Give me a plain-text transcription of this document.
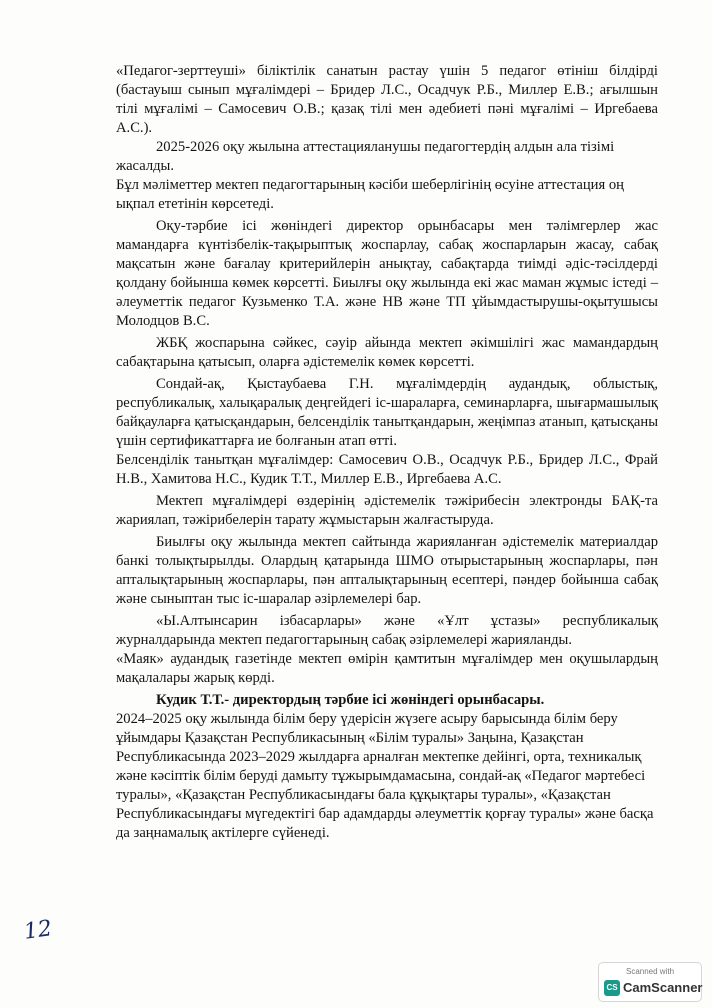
«Педагог-зерттеуші» біліктілік санатын растау үшін 5 педагог өтініш білдірді (бастауыш сынып мұғалімдері – Бридер Л.С., Осадчук Р.Б., Миллер Е.В.; ағылшын тілі мұғалімі – Самосевич О.В.; қазақ тілі мен әдебиеті пәні мұғалімі – Иргебаева А.С.).

2025-2026 оқу жылына аттестацияланушы педагогтердің алдын ала тізімі жасалды.

Бұл мәліметтер мектеп педагогтарының кәсіби шеберлігінің өсуіне аттестация оң ықпал ететінін көрсетеді.

Оқу-тәрбие ісі жөніндегі директор орынбасары мен тәлімгерлер жас мамандарға күнтізбелік-тақырыптық жоспарлау, сабақ жоспарларын жасау, сабақ мақсатын және бағалау критерийлерін анықтау, сабақтарда тиімді әдіс-тәсілдерді қолдану бойынша көмек көрсетті. Биылғы оқу жылында екі жас маман жұмыс істеді – әлеуметтік педагог Кузьменко Т.А. және НВ және ТП ұйымдастырушы-оқытушысы Молодцов В.С.

ЖБҚ жоспарына сәйкес, сәуір айында мектеп әкімшілігі жас мамандардың сабақтарына қатысып, оларға әдістемелік көмек көрсетті.

Сондай-ақ, Қыстаубаева Г.Н. мұғалімдердің аудандық, облыстық, республикалық, халықаралық деңгейдегі іс-шараларға, семинарларға, шығармашылық байқауларға қатысқандарын, белсенділік танытқандарын, жеңімпаз атанып, қатысқаны үшін сертификаттарға ие болғанын атап өтті.

Белсенділік танытқан мұғалімдер: Самосевич О.В., Осадчук Р.Б., Бридер Л.С., Фрай Н.В., Хамитова Н.С., Кудик Т.Т., Миллер Е.В., Иргебаева А.С.

Мектеп мұғалімдері өздерінің әдістемелік тәжірибесін электронды БАҚ-та жариялап, тәжірибелерін тарату жұмыстарын жалғастыруда.

Биылғы оқу жылында мектеп сайтында жарияланған әдістемелік материалдар банкі толықтырылды. Олардың қатарында ШМО отырыстарының жоспарлары, пән апталықтарының жоспарлары, пән апталықтарының есептері, пәндер бойынша сабақ және сыныптан тыс іс-шаралар әзірлемелері бар.

«Ы.Алтынсарин ізбасарлары» және «Ұлт ұстазы» республикалық журналдарында мектеп педагогтарының сабақ әзірлемелері жарияланды.

«Маяк» аудандық газетінде мектеп өмірін қамтитын мұғалімдер мен оқушылардың мақалалары жарық көрді.

Кудик Т.Т.- директордың тәрбие ісі жөніндегі орынбасары.

2024–2025 оқу жылында білім беру үдерісін жүзеге асыру барысында білім беру ұйымдары Қазақстан Республикасының «Білім туралы» Заңына, Қазақстан Республикасында 2023–2029 жылдарға арналған мектепке дейінгі, орта, техникалық және кәсіптік білім беруді дамыту тұжырымдамасына, сондай-ақ «Педагог мәртебесі туралы», «Қазақстан Республикасындағы бала құқықтары туралы», «Қазақстан Республикасындағы мүгедектігі бар адамдарды әлеуметтік қорғау туралы» және басқа да заңнамалық актілерге сүйенеді.

12
Scanned with
CS CamScanner
